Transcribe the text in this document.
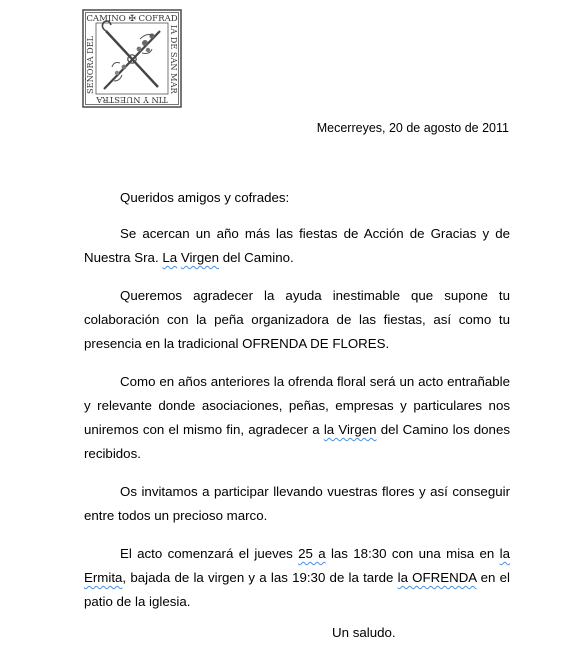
CAMINO ✠ COFRAD
IA DE SAN MAR
TIN Y NUESTRA
SEÑORA DEL
Mecerreyes, 20 de agosto de 2011

Queridos amigos y cofrades:

Se acercan un año más las fiestas de Acción de Gracias y de Nuestra Sra. La Virgen del Camino.

Queremos agradecer la ayuda inestimable que supone tu colaboración con la peña organizadora de las fiestas, así como tu presencia en la tradicional OFRENDA DE FLORES.

Como en años anteriores la ofrenda floral será un acto entrañable y relevante donde asociaciones, peñas, empresas y particulares nos uniremos con el mismo fin, agradecer a la Virgen del Camino los dones recibidos.

Os invitamos a participar llevando vuestras flores y así conseguir entre todos un precioso marco.

El acto comenzará el jueves 25 a las 18:30 con una misa en la Ermita, bajada de la virgen y a las 19:30 de la tarde la OFRENDA en el patio de la iglesia.

Un saludo.
